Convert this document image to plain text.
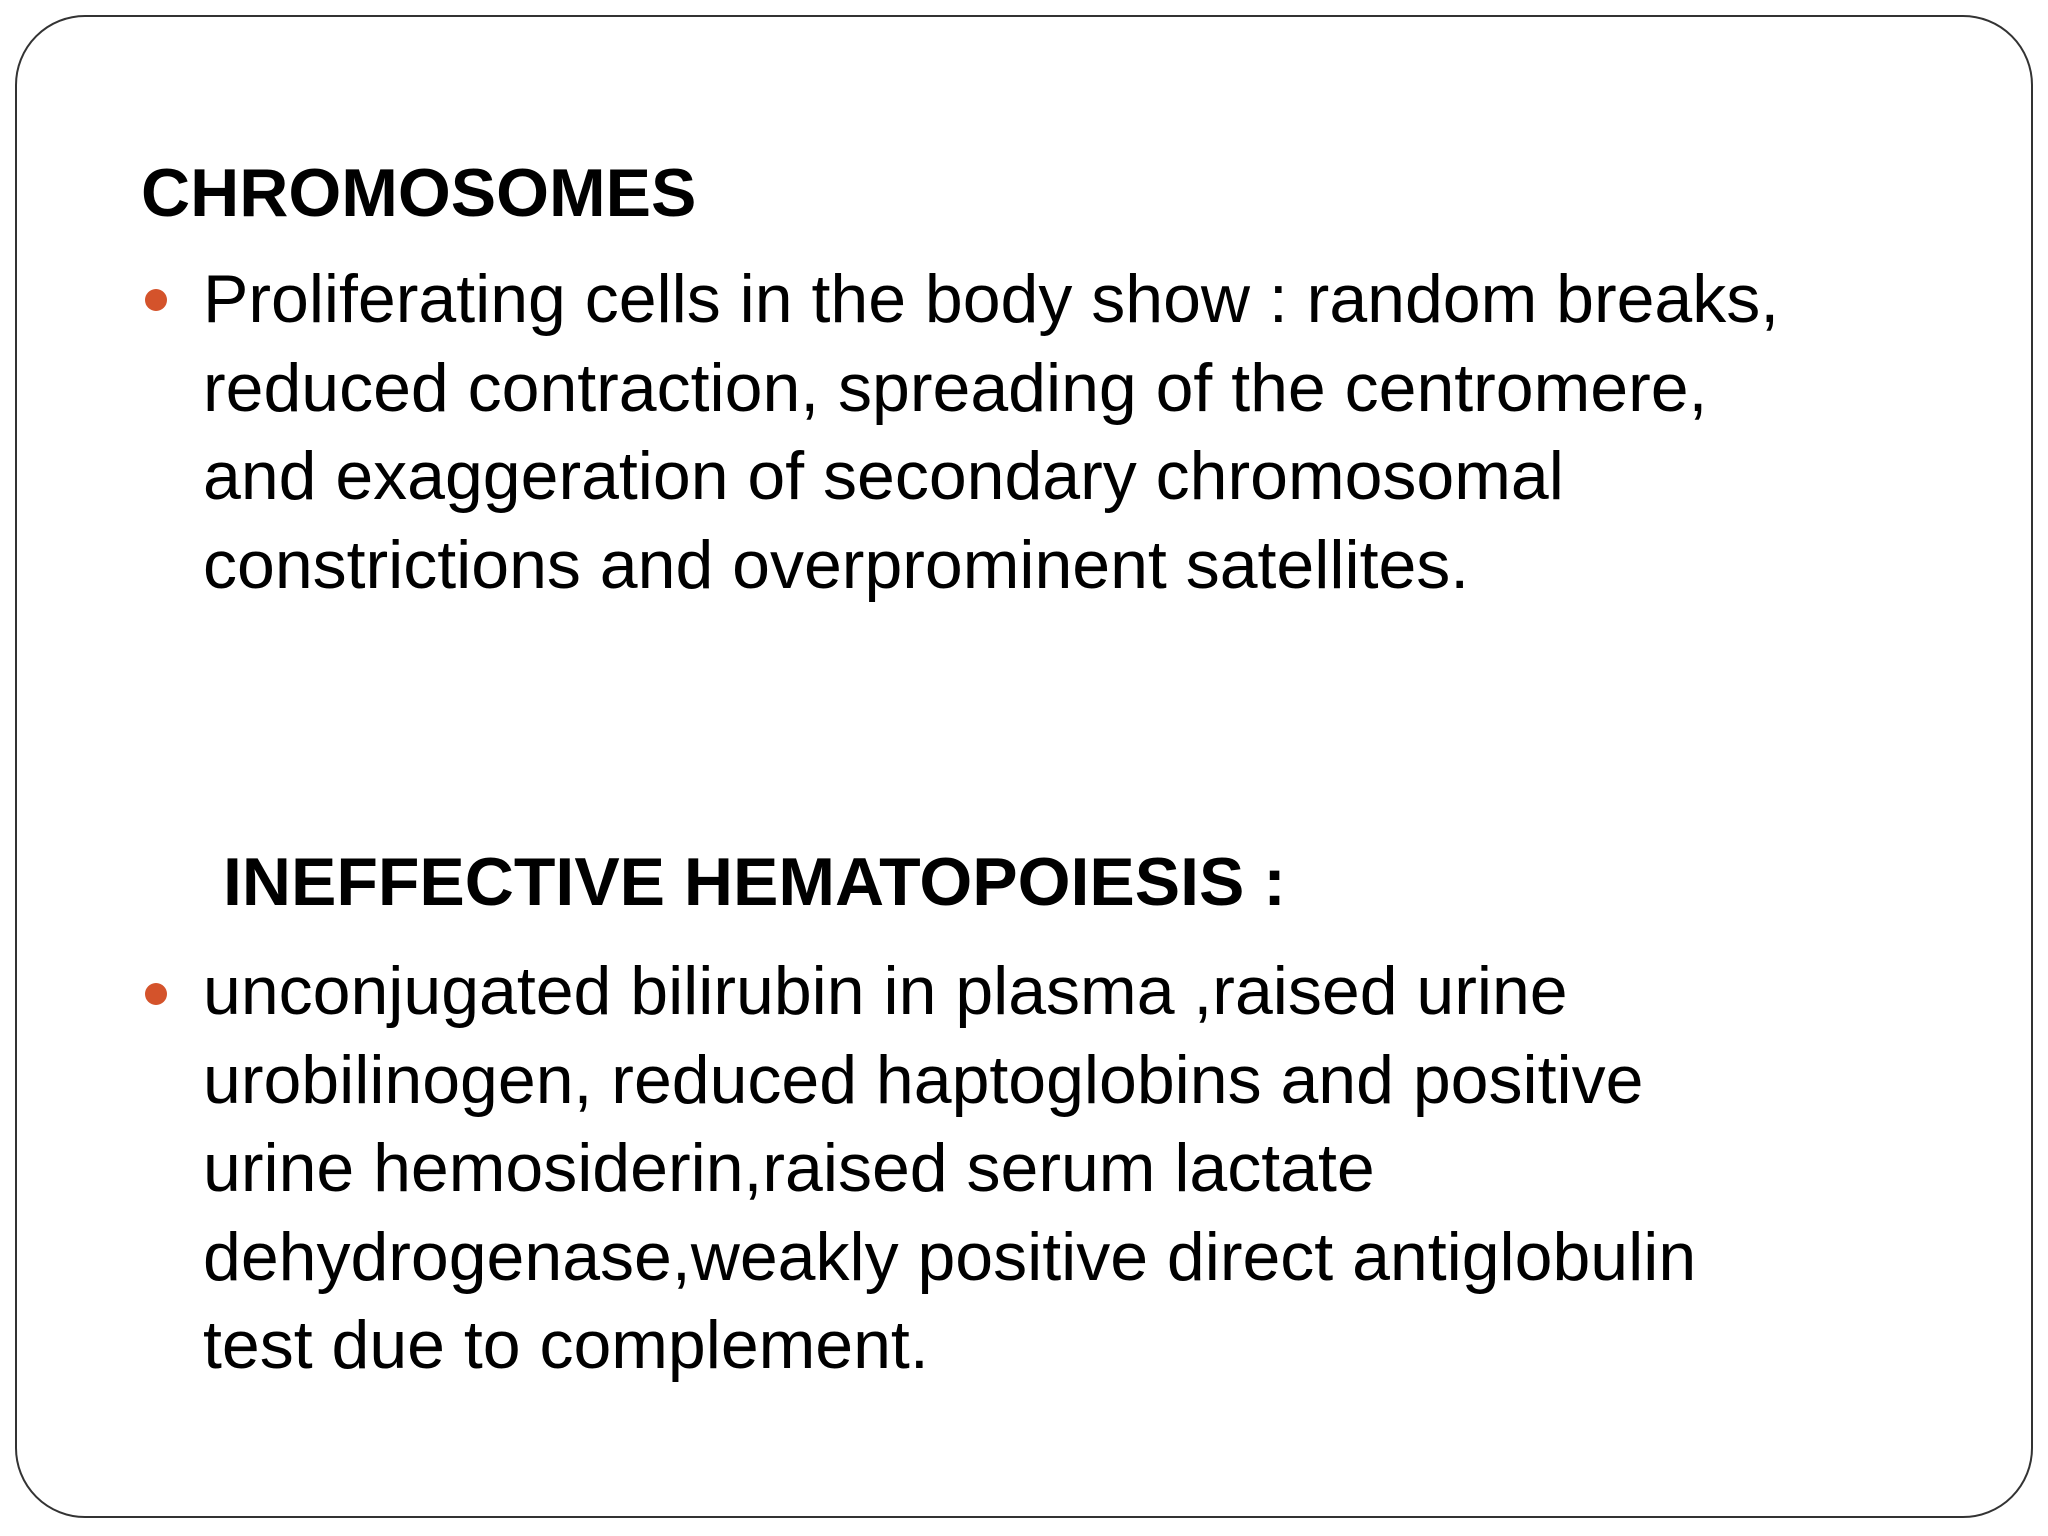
CHROMOSOMES
Proliferating cells in the body show : random breaks,
reduced contraction, spreading of the centromere,
and exaggeration of secondary chromosomal
constrictions and overprominent satellites.
INEFFECTIVE HEMATOPOIESIS :
unconjugated bilirubin in plasma ,raised urine
urobilinogen, reduced haptoglobins and positive
urine hemosiderin,raised serum lactate
dehydrogenase,weakly positive direct antiglobulin
test due to complement.
